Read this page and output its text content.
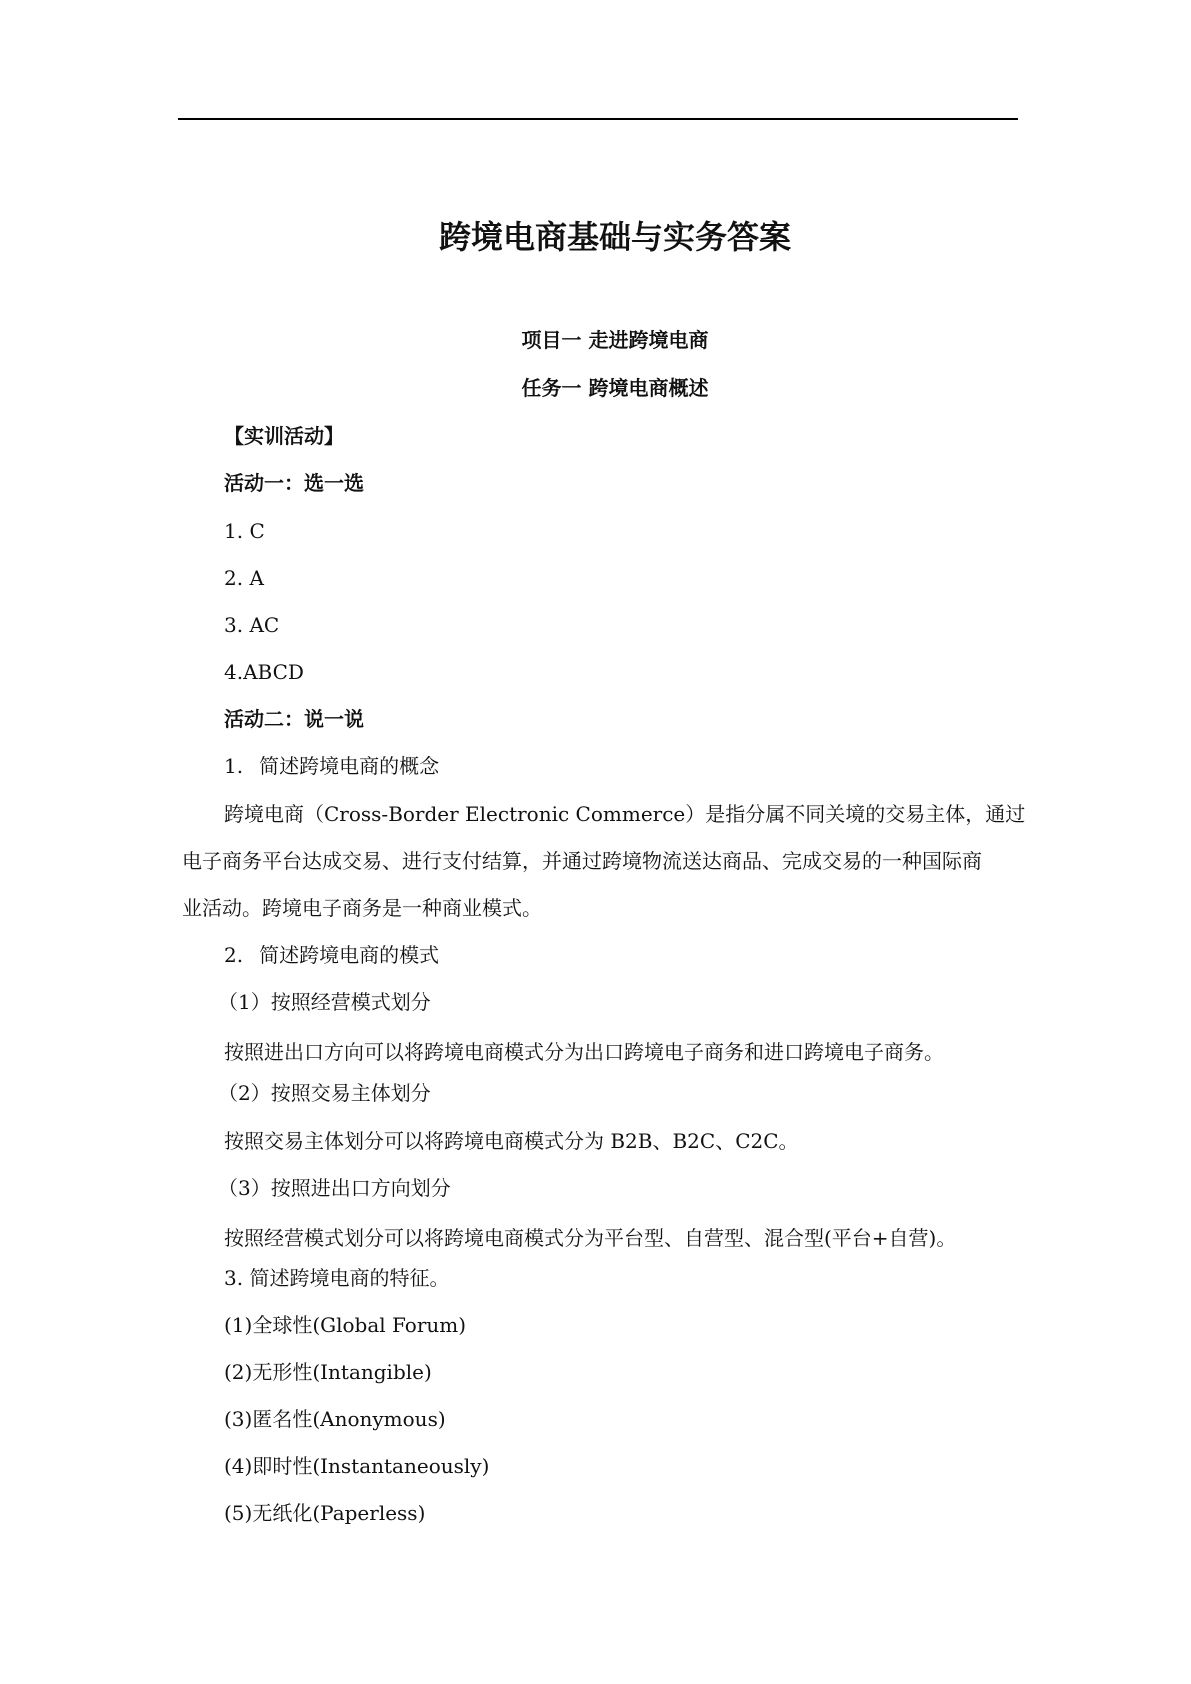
跨境电商基础与实务答案
项目一 走进跨境电商
任务一 跨境电商概述
【实训活动】
活动一：选一选
1. C
2. A
3. AC
4.ABCD
活动二：说一说
1. 简述跨境电商的概念
跨境电商（Cross-Border Electronic Commerce）是指分属不同关境的交易主体，通过
电子商务平台达成交易、进行支付结算，并通过跨境物流送达商品、完成交易的一种国际商
业活动。跨境电子商务是一种商业模式。
2. 简述跨境电商的模式
（1）按照经营模式划分
按照进出口方向可以将跨境电商模式分为出口跨境电子商务和进口跨境电子商务。
（2）按照交易主体划分
按照交易主体划分可以将跨境电商模式分为 B2B、B2C、C2C。
（3）按照进出口方向划分
按照经营模式划分可以将跨境电商模式分为平台型、自营型、混合型(平台+自营)。
3. 简述跨境电商的特征。
(1)全球性(Global Forum)
(2)无形性(Intangible)
(3)匿名性(Anonymous)
(4)即时性(Instantaneously)
(5)无纸化(Paperless)
